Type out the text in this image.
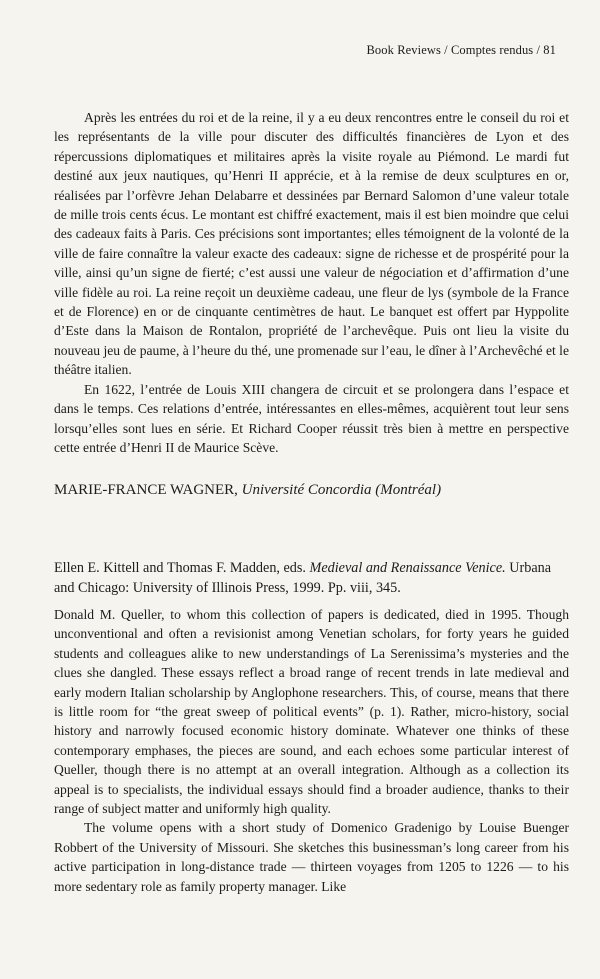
Book Reviews / Comptes rendus / 81

Après les entrées du roi et de la reine, il y a eu deux rencontres entre le conseil du roi et les représentants de la ville pour discuter des difficultés financières de Lyon et des répercussions diplomatiques et militaires après la visite royale au Piémond. Le mardi fut destiné aux jeux nautiques, qu’Henri II apprécie, et à la remise de deux sculptures en or, réalisées par l’orfèvre Jehan Delabarre et dessinées par Bernard Salomon d’une valeur totale de mille trois cents écus. Le montant est chiffré exactement, mais il est bien moindre que celui des cadeaux faits à Paris. Ces précisions sont importantes; elles témoignent de la volonté de la ville de faire connaître la valeur exacte des cadeaux: signe de richesse et de prospérité pour la ville, ainsi qu’un signe de fierté; c’est aussi une valeur de négociation et d’affirmation d’une ville fidèle au roi. La reine reçoit un deuxième cadeau, une fleur de lys (symbole de la France et de Florence) en or de cinquante centimètres de haut. Le banquet est offert par Hyppolite d’Este dans la Maison de Rontalon, propriété de l’archevêque. Puis ont lieu la visite du nouveau jeu de paume, à l’heure du thé, une promenade sur l’eau, le dîner à l’Archevêché et le théâtre italien.

En 1622, l’entrée de Louis XIII changera de circuit et se prolongera dans l’espace et dans le temps. Ces relations d’entrée, intéressantes en elles-mêmes, acquièrent tout leur sens lorsqu’elles sont lues en série. Et Richard Cooper réussit très bien à mettre en perspective cette entrée d’Henri II de Maurice Scève.

MARIE-FRANCE WAGNER, Université Concordia (Montréal)
Ellen E. Kittell and Thomas F. Madden, eds. Medieval and Renaissance Venice. Urbana and Chicago: University of Illinois Press, 1999. Pp. viii, 345.

Donald M. Queller, to whom this collection of papers is dedicated, died in 1995. Though unconventional and often a revisionist among Venetian scholars, for forty years he guided students and colleagues alike to new understandings of La Serenissima’s mysteries and the clues she dangled. These essays reflect a broad range of recent trends in late medieval and early modern Italian scholarship by Anglophone researchers. This, of course, means that there is little room for “the great sweep of political events” (p. 1). Rather, micro-history, social history and narrowly focused economic history dominate. Whatever one thinks of these contemporary emphases, the pieces are sound, and each echoes some particular interest of Queller, though there is no attempt at an overall integration. Although as a collection its appeal is to specialists, the individual essays should find a broader audience, thanks to their range of subject matter and uniformly high quality.

The volume opens with a short study of Domenico Gradenigo by Louise Buenger Robbert of the University of Missouri. She sketches this businessman’s long career from his active participation in long-distance trade — thirteen voyages from 1205 to 1226 — to his more sedentary role as family property manager. Like
